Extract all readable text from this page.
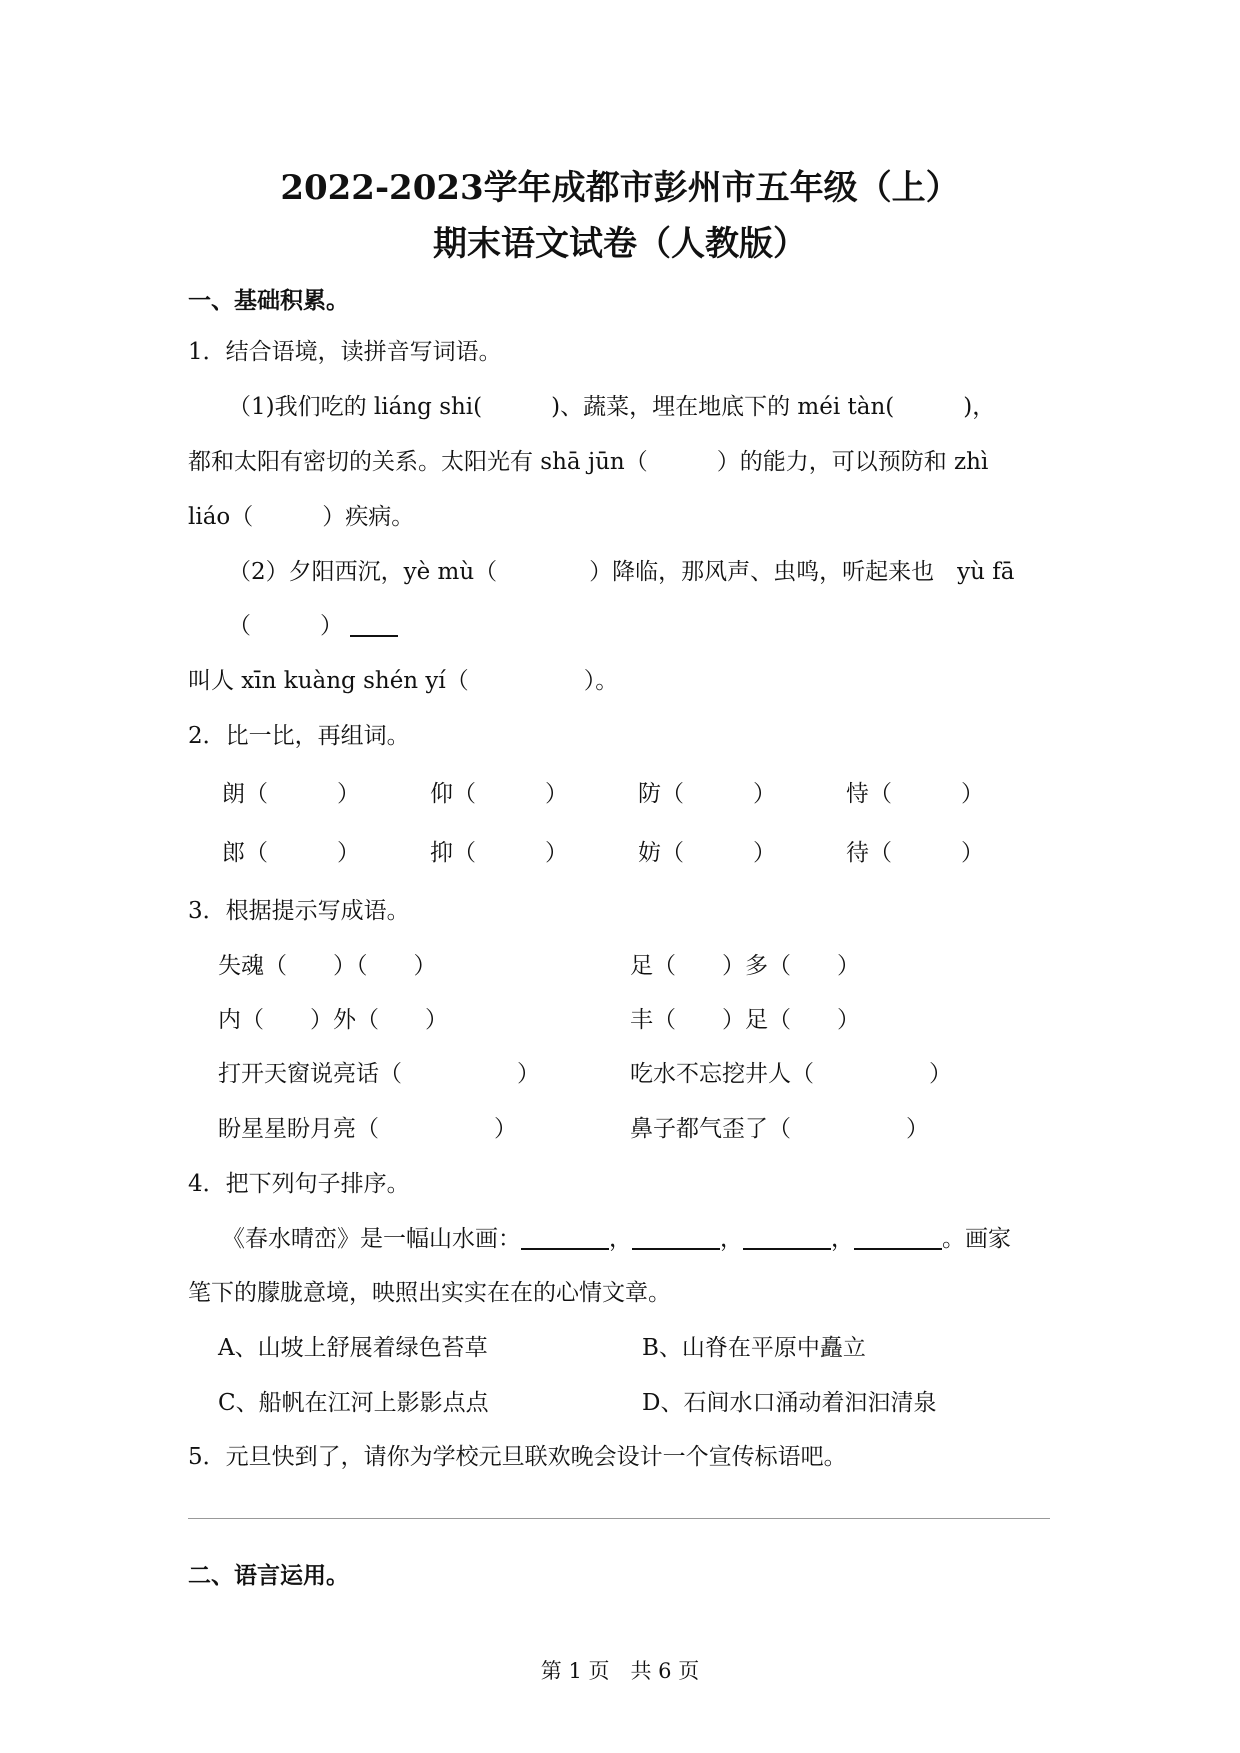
2022-2023学年成都市彭州市五年级（上）
期末语文试卷（人教版）
一、基础积累。
1．结合语境，读拼音写词语。
（1)我们吃的 liáng shi(　　　)、蔬菜，埋在地底下的 méi tàn(　　　)，
都和太阳有密切的关系。太阳光有 shā jūn（　　　）的能力，可以预防和 zhì
liáo（　　　）疾病。
（2）夕阳西沉，yè mù（　　　　）降临，那风声、虫鸣，听起来也　yù fā
（　　　）
叫人 xīn kuàng shén yí（　　　　　）。
2．比一比，再组词。
朗（　　　）	仰（　　　）	防（　　　）	恃（　　　）
郎（　　　）	抑（　　　）	妨（　　　）	待（　　　）
3．根据提示写成语。
失魂（　　）（　　）	足（　　）多（　　）
内（　　）外（　　）	丰（　　）足（　　）
打开天窗说亮话（　　　　　）	吃水不忘挖井人（　　　　　）
盼星星盼月亮（　　　　　）	鼻子都气歪了（　　　　　）
4．把下列句子排序。
《春水晴峦》是一幅山水画：	，	，	，	。画家
笔下的朦胧意境，映照出实实在在的心情文章。
A、山坡上舒展着绿色苔草	B、山脊在平原中矗立
C、船帆在江河上影影点点	D、石间水口涌动着汩汩清泉
5．元旦快到了，请你为学校元旦联欢晚会设计一个宣传标语吧。
二、语言运用。
第 1 页　共 6 页
